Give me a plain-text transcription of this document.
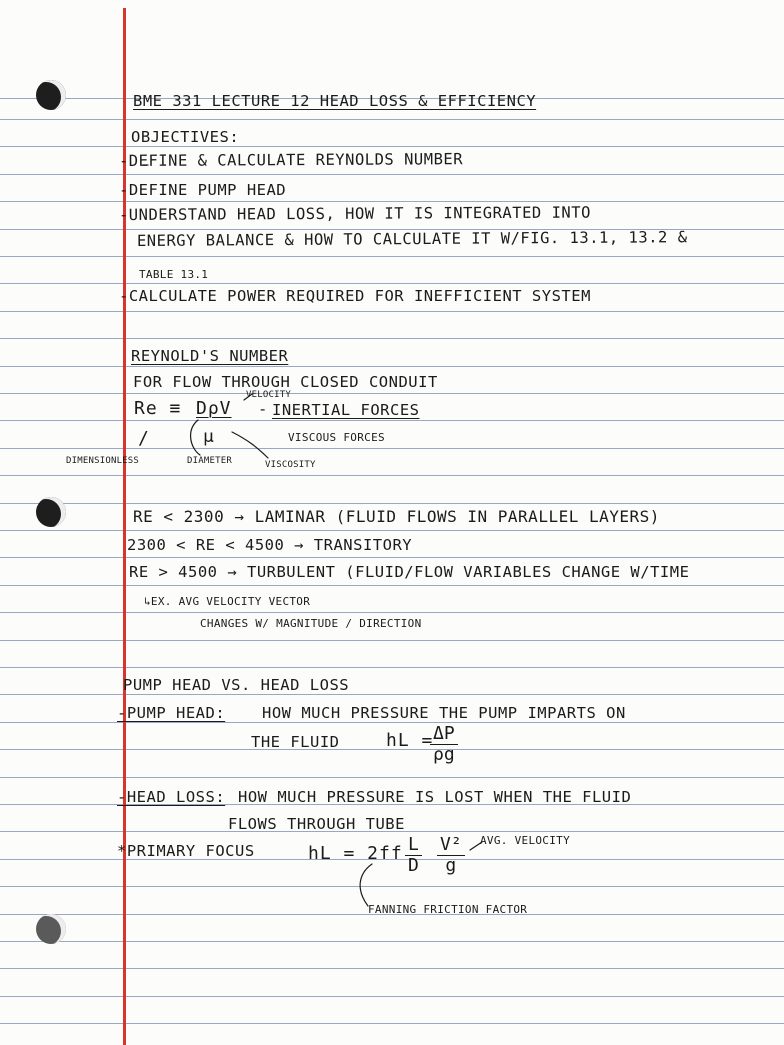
BME 331 LECTURE 12 HEAD LOSS & EFFICIENCY
OBJECTIVES:
-DEFINE & CALCULATE REYNOLDS NUMBER
-DEFINE PUMP HEAD
-UNDERSTAND HEAD LOSS, HOW IT IS INTEGRATED INTO
ENERGY BALANCE & HOW TO CALCULATE IT W/FIG. 13.1, 13.2 &
TABLE 13.1
-CALCULATE POWER REQUIRED FOR INEFFICIENT SYSTEM
REYNOLD'S NUMBER
FOR FLOW THROUGH CLOSED CONDUIT
Re ≡ DρV - INERTIAL FORCES
VELOCITY
/	μ	VISCOUS FORCES
DIMENSIONLESS	DIAMETER	VISCOSITY
RE < 2300 → LAMINAR (FLUID FLOWS IN PARALLEL LAYERS)
2300 < RE < 4500 → TRANSITORY
RE > 4500 → TURBULENT (FLUID/FLOW VARIABLES CHANGE W/TIME
↳EX. AVG VELOCITY VECTOR
CHANGES W/ MAGNITUDE / DIRECTION
PUMP HEAD VS. HEAD LOSS
-PUMP HEAD: HOW MUCH PRESSURE THE PUMP IMPARTS ON
THE FLUID	hL =
$\frac{\Delta P}{\rho g}$
-HEAD LOSS: HOW MUCH PRESSURE IS LOST WHEN THE FLUID
FLOWS THROUGH TUBE
*PRIMARY FOCUS	hL = $2ff \frac{L}{D} \frac{\text{V²}}{g}$ AVG. VELOCITY
FANNING FRICTION FACTOR
